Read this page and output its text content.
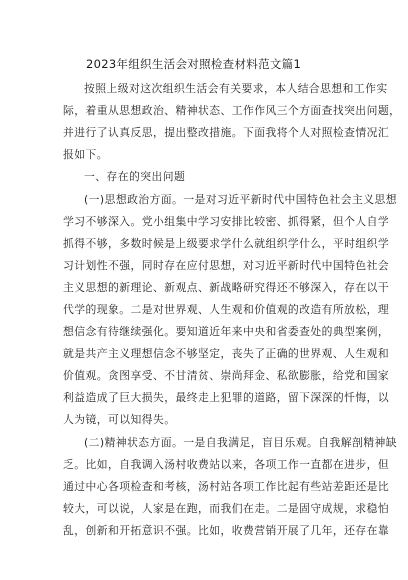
2023年组织生活会对照检查材料范文篇1
按照上级对这次组织生活会有关要求，本人结合思想和工作实
际，着重从思想政治、精神状态、工作作风三个方面查找突出问题，
并进行了认真反思，提出整改措施。下面我将个人对照检查情况汇
报如下。
一、存在的突出问题
(一)思想政治方面。一是对习近平新时代中国特色社会主义思想
学习不够深入。党小组集中学习安排比较密、抓得紧，但个人自学
抓得不够，多数时候是上级要求学什么就组织学什么，平时组织学
习计划性不强，同时存在应付思想，对习近平新时代中国特色社会
主义思想的新理论、新观点、新战略研究得还不够深入，存在以干
代学的现象。二是对世界观、人生观和价值观的改造有所放松，理
想信念有待继续强化。要知道近年来中央和省委查处的典型案例，
就是共产主义理想信念不够坚定，丧失了正确的世界观、人生观和
价值观。贪图享受、不甘清贫、崇尚拜金、私欲膨胀，给党和国家
利益造成了巨大损失，最终走上犯罪的道路，留下深深的忏悔，以
人为镜，可以知得失。
(二)精神状态方面。一是自我满足，盲目乐观。自我解剖精神缺
乏。比如，自我调入汤村收费站以来，各项工作一直都在进步，但
通过中心各项检查和考核，汤村站各项工作比起有些站差距还是比
较大，可以说，人家是在跑，而我们在走。二是固守成规，求稳怕
乱，创新和开拓意识不强。比如，收费营销开展了几年，还存在靠
